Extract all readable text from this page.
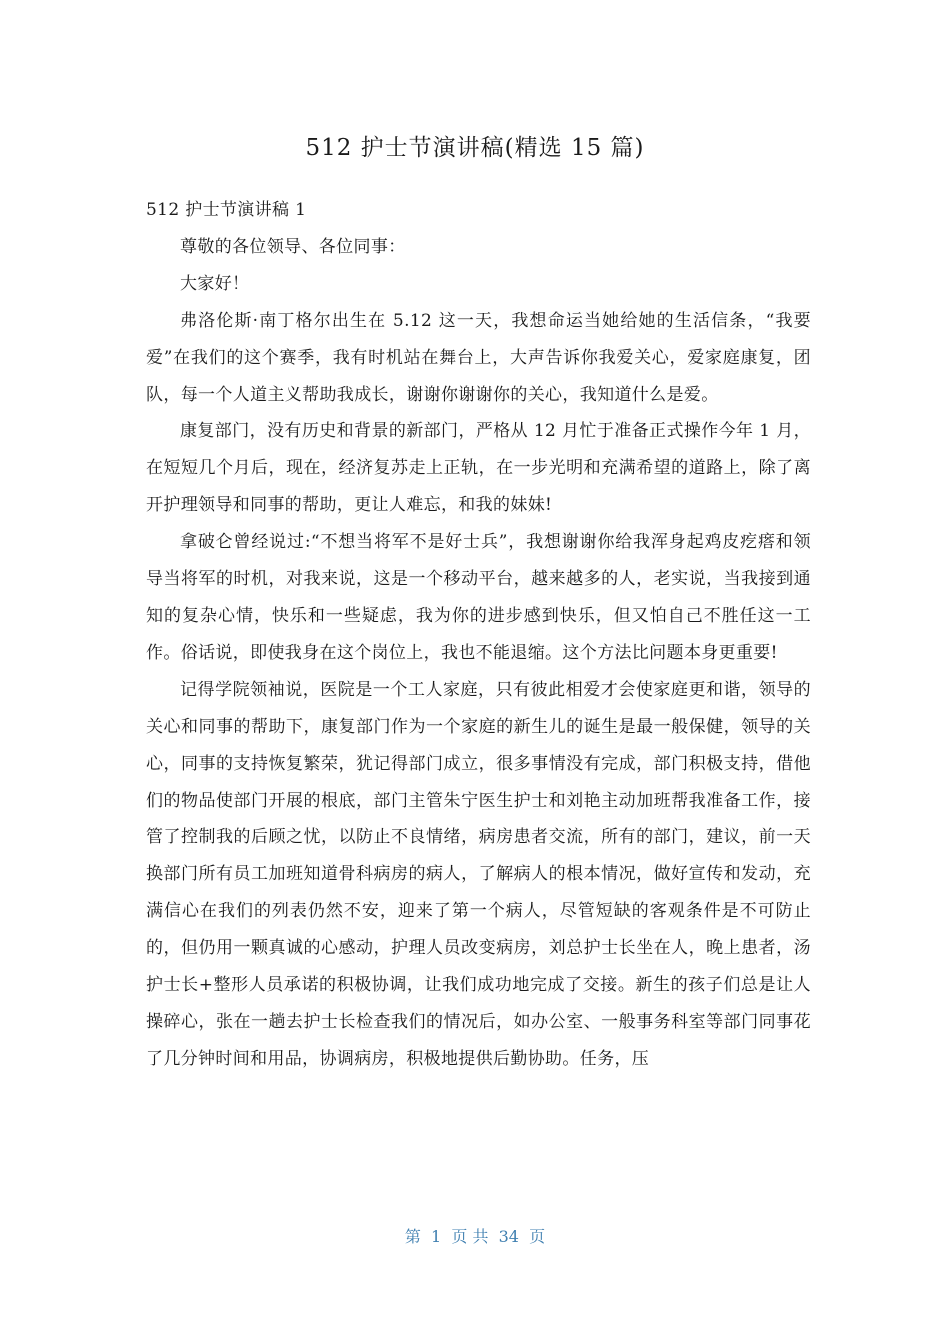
512 护士节演讲稿(精选 15 篇)

512 护士节演讲稿 1

尊敬的各位领导、各位同事：

大家好！

弗洛伦斯·南丁格尔出生在 5.12 这一天，我想命运当她给她的生活信条，“我要爱”在我们的这个赛季，我有时机站在舞台上，大声告诉你我爱关心，爱家庭康复，团队，每一个人道主义帮助我成长，谢谢你谢谢你的关心，我知道什么是爱。

康复部门，没有历史和背景的新部门，严格从 12 月忙于准备正式操作今年 1 月，在短短几个月后，现在，经济复苏走上正轨，在一步光明和充满希望的道路上，除了离开护理领导和同事的帮助，更让人难忘，和我的妹妹!

拿破仑曾经说过:“不想当将军不是好士兵”，我想谢谢你给我浑身起鸡皮疙瘩和领导当将军的时机，对我来说，这是一个移动平台，越来越多的人，老实说，当我接到通知的复杂心情，快乐和一些疑虑，我为你的进步感到快乐，但又怕自己不胜任这一工作。俗话说，即使我身在这个岗位上，我也不能退缩。这个方法比问题本身更重要!

记得学院领袖说，医院是一个工人家庭，只有彼此相爱才会使家庭更和谐，领导的关心和同事的帮助下，康复部门作为一个家庭的新生儿的诞生是最一般保健，领导的关心，同事的支持恢复繁荣，犹记得部门成立，很多事情没有完成，部门积极支持，借他们的物品使部门开展的根底，部门主管朱宁医生护士和刘艳主动加班帮我准备工作，接管了控制我的后顾之忧，以防止不良情绪，病房患者交流，所有的部门，建议，前一天换部门所有员工加班知道骨科病房的病人，了解病人的根本情况，做好宣传和发动，充满信心在我们的列表仍然不安，迎来了第一个病人，尽管短缺的客观条件是不可防止的，但仍用一颗真诚的心感动，护理人员改变病房，刘总护士长坐在人，晚上患者，汤护士长+整形人员承诺的积极协调，让我们成功地完成了交接。新生的孩子们总是让人操碎心，张在一趟去护士长检查我们的情况后，如办公室、一般事务科室等部门同事花了几分钟时间和用品，协调病房，积极地提供后勤协助。任务，压

第  1  页 共  34  页
